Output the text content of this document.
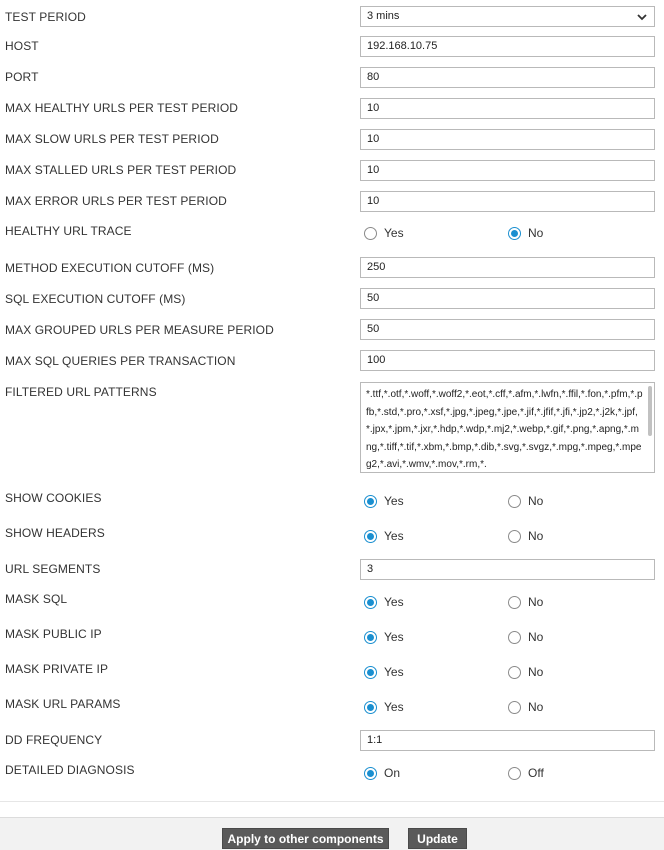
TEST PERIOD	3 mins
HOST	192.168.10.75
PORT	80
MAX HEALTHY URLS PER TEST PERIOD	10
MAX SLOW URLS PER TEST PERIOD	10
MAX STALLED URLS PER TEST PERIOD	10
MAX ERROR URLS PER TEST PERIOD	10
HEALTHY URL TRACE	Yes	No
METHOD EXECUTION CUTOFF (MS)	250
SQL EXECUTION CUTOFF (MS)	50
MAX GROUPED URLS PER MEASURE PERIOD	50
MAX SQL QUERIES PER TRANSACTION	100
FILTERED URL PATTERNS	*.ttf,*.otf,*.woff,*.woff2,*.eot,*.cff,*.afm,*.lwfn,*.ffil,*.fon,*.pfm,*.pfb,*.std,*.pro,*.xsf,*.jpg,*.jpeg,*.jpe,*.jif,*.jfif,*.jfi,*.jp2,*.j2k,*.jpf,*.jpx,*.jpm,*.jxr,*.hdp,*.wdp,*.mj2,*.webp,*.gif,*.png,*.apng,*.mng,*.tiff,*.tif,*.xbm,*.bmp,*.dib,*.svg,*.svgz,*.mpg,*.mpeg,*.mpeg2,*.avi,*.wmv,*.mov,*.rm,*.
SHOW COOKIES	Yes	No
SHOW HEADERS	Yes	No
URL SEGMENTS	3
MASK SQL	Yes	No
MASK PUBLIC IP	Yes	No
MASK PRIVATE IP	Yes	No
MASK URL PARAMS	Yes	No
DD FREQUENCY	1:1
DETAILED DIAGNOSIS	On	Off
Apply to other components	Update
